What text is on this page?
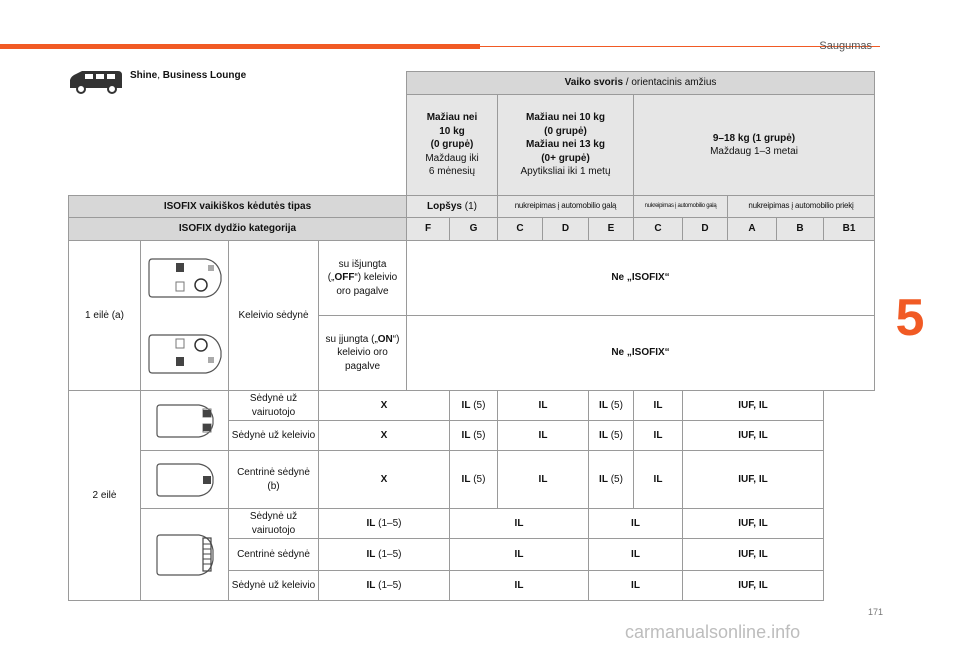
Saugumas
5
171
carmanualsonline.info
				Vaiko svoris / orientacinis amžius									
				Mažiau nei
10 kg
(0 grupė)
Maždaug iki
6 mėnesių		Mažiau nei 10 kg
(0 grupė)
Mažiau nei 13 kg
(0+ grupė)
Apytiksliai iki 1 metų			9–18 kg (1 grupė)
Maždaug 1–3 metai				
ISOFIX vaikiškos kėdutės tipas				Lopšys (1)		nukreipimas į automobilio galą			nukreipimas į automobilio galą		nukreipimas į automobilio priekį		
ISOFIX dydžio kategorija				F	G	C	D	E	C	D	A	B	B1
1 eilė (a)		Keleivio sėdynė	su išjungta („OFF“) keleivio oro pagalve	Ne „ISOFIX“									
			su įjungta („ON“) keleivio oro pagalve	Ne „ISOFIX“									
2 eilė		Sėdynė už vairuotojo	X		IL (5)	IL		IL (5)	IL	IUF, IL			
		Sėdynė už keleivio	X		IL (5)	IL		IL (5)	IL	IUF, IL			

	Centrinė sėdynė (b)	X		IL (5)	IL		IL (5)	IL	IUF, IL			

	Sėdynė už vairuotojo	IL (1–5)		IL			IL		IUF, IL			
		Centrinė sėdynė	IL (1–5)		IL			IL		IUF, IL			
		Sėdynė už keleivio	IL (1–5)		IL			IL		IUF, IL			
Shine, Business Lounge
